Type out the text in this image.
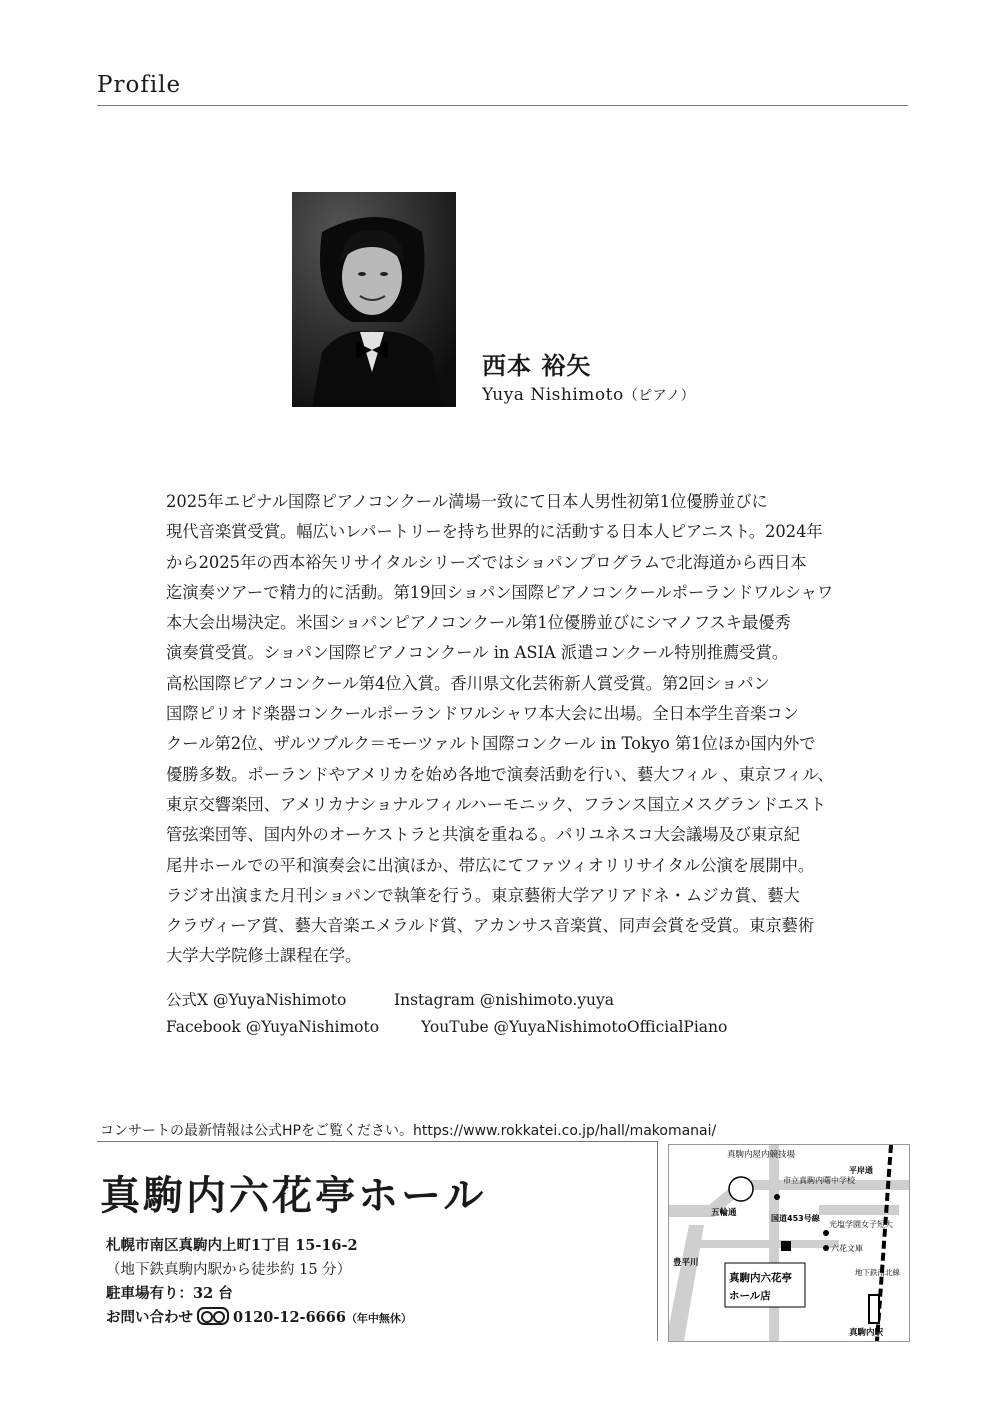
Profile
西本 裕矢
Yuya Nishimoto（ピアノ）
2025年エピナル国際ピアノコンクール満場一致にて日本人男性初第1位優勝並びに
現代音楽賞受賞。幅広いレパートリーを持ち世界的に活動する日本人ピアニスト。2024年
から2025年の西本裕矢リサイタルシリーズではショパンプログラムで北海道から西日本
迄演奏ツアーで精力的に活動。第19回ショパン国際ピアノコンクールポーランドワルシャワ
本大会出場決定。米国ショパンピアノコンクール第1位優勝並びにシマノフスキ最優秀
演奏賞受賞。ショパン国際ピアノコンクール in ASIA 派遣コンクール特別推薦受賞。
高松国際ピアノコンクール第4位入賞。香川県文化芸術新人賞受賞。第2回ショパン
国際ピリオド楽器コンクールポーランドワルシャワ本大会に出場。全日本学生音楽コン
クール第2位、ザルツブルク＝モーツァルト国際コンクール in Tokyo 第1位ほか国内外で
優勝多数。ポーランドやアメリカを始め各地で演奏活動を行い、藝大フィル 、東京フィル、
東京交響楽団、アメリカナショナルフィルハーモニック、フランス国立メスグランドエスト
管弦楽団等、国内外のオーケストラと共演を重ねる。パリユネスコ大会議場及び東京紀
尾井ホールでの平和演奏会に出演ほか、帯広にてファツィオリリサイタル公演を展開中。
ラジオ出演また月刊ショパンで執筆を行う。東京藝術大学アリアドネ・ムジカ賞、藝大
クラヴィーア賞、藝大音楽エメラルド賞、アカンサス音楽賞、同声会賞を受賞。東京藝術
大学大学院修士課程在学。
公式X @YuyaNishimoto	Instagram @nishimoto.yuya
Facebook @YuyaNishimoto	YouTube @YuyaNishimotoOfficialPiano
コンサートの最新情報は公式HPをご覧ください。https://www.rokkatei.co.jp/hall/makomanai/
真駒内六花亭ホール
札幌市南区真駒内上町1丁目 15-16-2
（地下鉄真駒内駅から徒歩約 15 分）
駐車場有り：32 台
お問い合わせ	0120-12-6666（年中無休）
真駒内屋内競技場
市立真駒内曙中学校
五輪通
国道453号線
光塩学園女子短大
六花文庫
豊平川
平岸通
地下鉄南北線
真駒内駅
真駒内六花亭
ホール店
